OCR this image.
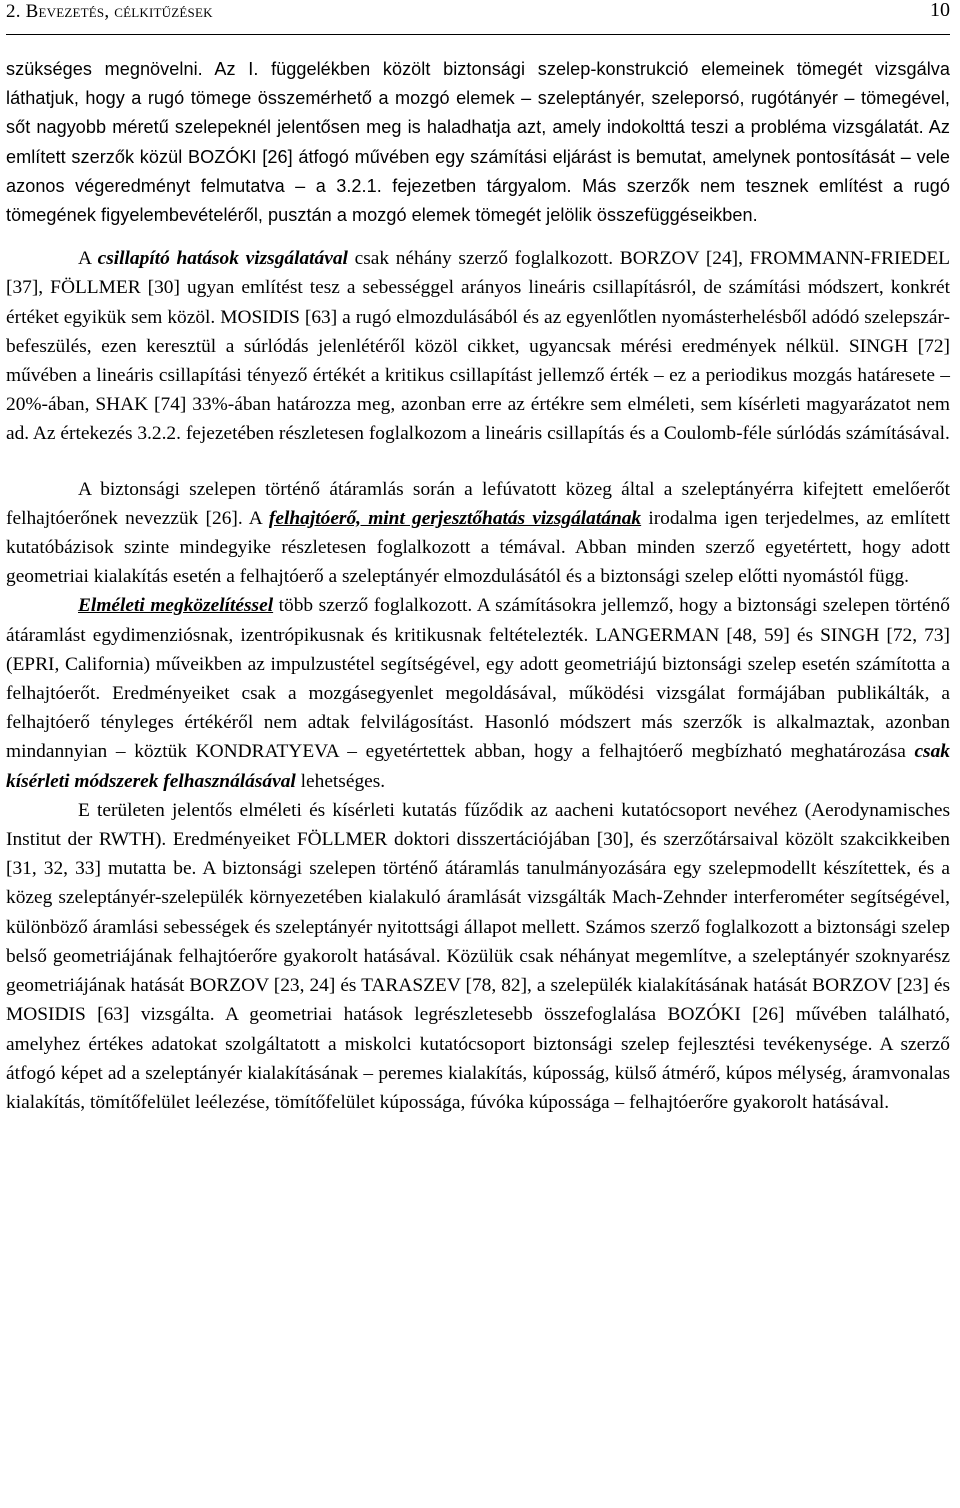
2. Bevezetés, célkitűzések	10

szükséges megnövelni. Az I. függelékben közölt biztonsági szelep-konstrukció elemeinek tömegét vizsgálva láthatjuk, hogy a rugó tömege összemérhető a mozgó elemek – szeleptányér, szeleporsó, rugótányér – tömegével, sőt nagyobb méretű szelepeknél jelentősen meg is haladhatja azt, amely indokolttá teszi a probléma vizsgálatát. Az említett szerzők közül BOZÓKI [26] átfogó művében egy számítási eljárást is bemutat, amelynek pontosítását – vele azonos végeredményt felmutatva – a 3.2.1. fejezetben tárgyalom. Más szerzők nem tesznek említést a rugó tömegének figyelembevételéről, pusztán a mozgó elemek tömegét jelölik összefüggéseikben.

A csillapító hatások vizsgálatával csak néhány szerző foglalkozott. BORZOV [24], FROMMANN-FRIEDEL [37], FÖLLMER [30] ugyan említést tesz a sebességgel arányos lineáris csillapításról, de számítási módszert, konkrét értéket egyikük sem közöl. MOSIDIS [63] a rugó elmozdulásából és az egyenlőtlen nyomásterhelésből adódó szelepszár-befeszülés, ezen keresztül a súrlódás jelenlétéről közöl cikket, ugyancsak mérési eredmények nélkül. SINGH [72] művében a lineáris csillapítási tényező értékét a kritikus csillapítást jellemző érték – ez a periodikus mozgás határesete – 20%-ában, SHAK [74] 33%-ában határozza meg, azonban erre az értékre sem elméleti, sem kísérleti magyarázatot nem ad. Az értekezés 3.2.2. fejezetében részletesen foglalkozom a lineáris csillapítás és a Coulomb-féle súrlódás számításával.

A biztonsági szelepen történő átáramlás során a lefúvatott közeg által a szeleptányérra kifejtett emelőerőt felhajtóerőnek nevezzük [26]. A felhajtóerő, mint gerjesztőhatás vizsgálatának irodalma igen terjedelmes, az említett kutatóbázisok szinte mindegyike részletesen foglalkozott a témával. Abban minden szerző egyetértett, hogy adott geometriai kialakítás esetén a felhajtóerő a szeleptányér elmozdulásától és a biztonsági szelep előtti nyomástól függ.

Elméleti megközelítéssel több szerző foglalkozott. A számításokra jellemző, hogy a biztonsági szelepen történő átáramlást egydimenziósnak, izentrópikusnak és kritikusnak feltételezték. LANGERMAN [48, 59] és SINGH [72, 73] (EPRI, California) műveikben az impulzustétel segítségével, egy adott geometriájú biztonsági szelep esetén számította a felhajtóerőt. Eredményeiket csak a mozgásegyenlet megoldásával, működési vizsgálat formájában publikálták, a felhajtóerő tényleges értékéről nem adtak felvilágosítást. Hasonló módszert más szerzők is alkalmaztak, azonban mindannyian – köztük KONDRATYEVA – egyetértettek abban, hogy a felhajtóerő megbízható meghatározása csak kísérleti módszerek felhasználásával lehetséges.

E területen jelentős elméleti és kísérleti kutatás fűződik az aacheni kutatócsoport nevéhez (Aerodynamisches Institut der RWTH). Eredményeiket FÖLLMER doktori disszertációjában [30], és szerzőtársaival közölt szakcikkeiben [31, 32, 33] mutatta be. A biztonsági szelepen történő átáramlás tanulmányozására egy szelepmodellt készítettek, és a közeg szeleptányér-szelepülék környezetében kialakuló áramlását vizsgálták Mach-Zehnder interferométer segítségével, különböző áramlási sebességek és szeleptányér nyitottsági állapot mellett. Számos szerző foglalkozott a biztonsági szelep belső geometriájának felhajtóerőre gyakorolt hatásával. Közülük csak néhányat megemlítve, a szeleptányér szoknyarész geometriájának hatását BORZOV [23, 24] és TARASZEV [78, 82], a szelepülék kialakításának hatását BORZOV [23] és MOSIDIS [63] vizsgálta. A geometriai hatások legrészletesebb összefoglalása BOZÓKI [26] művében található, amelyhez értékes adatokat szolgáltatott a miskolci kutatócsoport biztonsági szelep fejlesztési tevékenysége. A szerző átfogó képet ad a szeleptányér kialakításának – peremes kialakítás, kúposság, külső átmérő, kúpos mélység, áramvonalas kialakítás, tömítőfelület leélezése, tömítőfelület kúpossága, fúvóka kúpossága – felhajtóerőre gyakorolt hatásával.
